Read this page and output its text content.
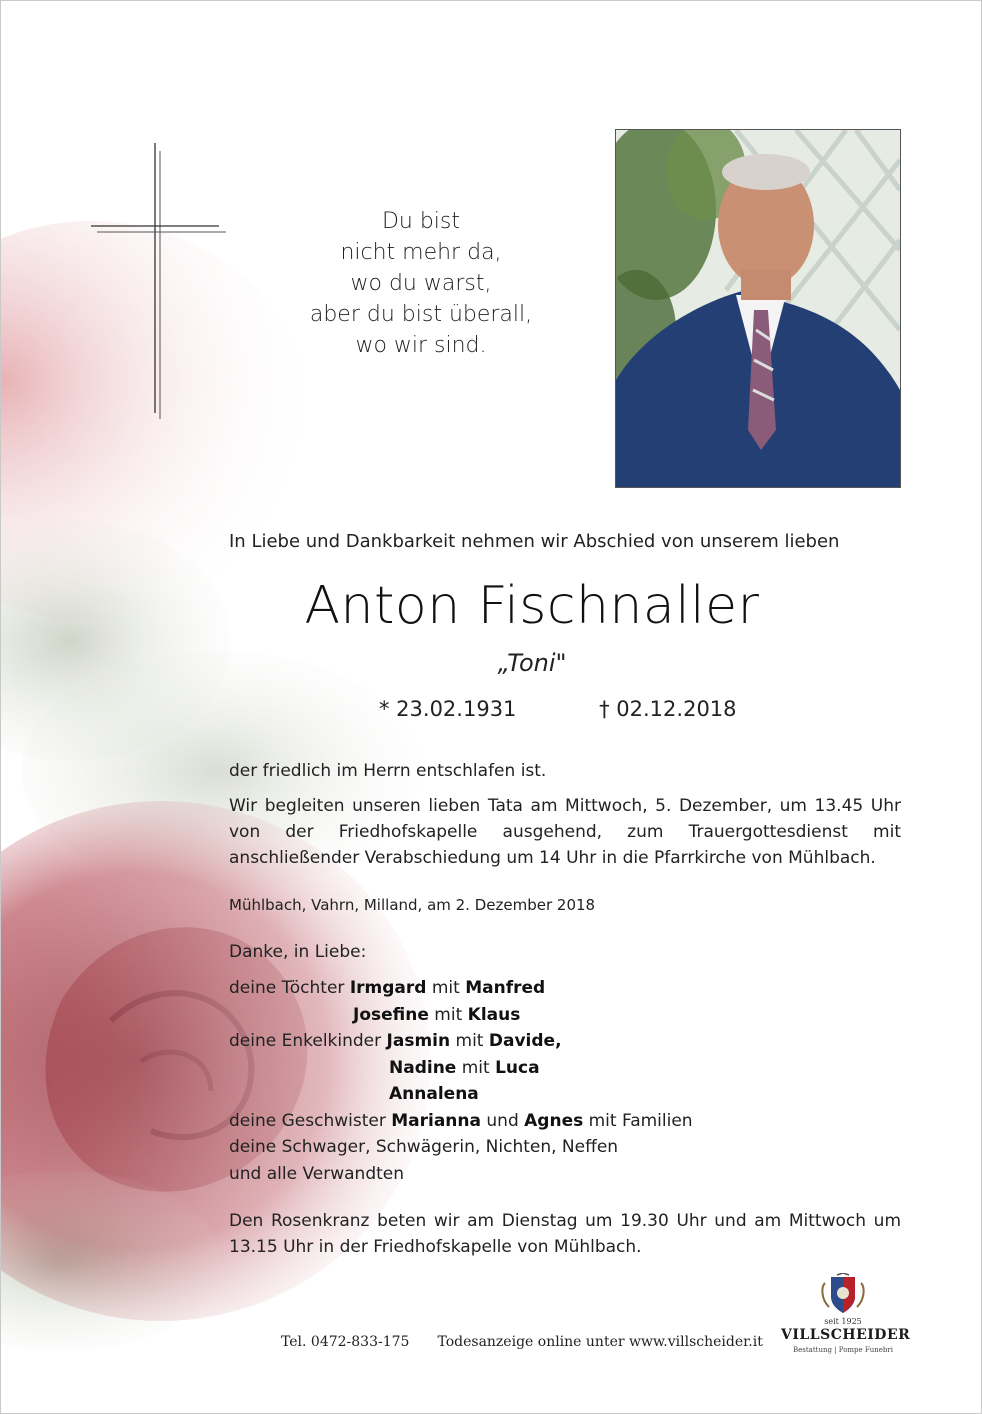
Du bist
nicht mehr da,
wo du warst,
aber du bist überall,
wo wir sind.
In Liebe und Dankbarkeit nehmen wir Abschied von unserem lieben
Anton Fischnaller
„Toni"
* 23.02.1931	† 02.12.2018
der friedlich im Herrn entschlafen ist.
Wir begleiten unseren lieben Tata am Mittwoch, 5. Dezember, um 13.45 Uhr von der Friedhofskapelle ausgehend, zum Trauergottesdienst mit anschließender Verabschiedung um 14 Uhr in die Pfarrkirche von Mühlbach.
Mühlbach, Vahrn, Milland, am 2. Dezember 2018
Danke, in Liebe:
deine Töchter Irmgard mit Manfred
Josefine mit Klaus
deine Enkelkinder Jasmin mit Davide,
Nadine mit Luca
Annalena
deine Geschwister Marianna und Agnes mit Familien
deine Schwager, Schwägerin, Nichten, Neffen
und alle Verwandten
Den Rosenkranz beten wir am Dienstag um 19.30 Uhr und am Mittwoch um 13.15 Uhr in der Friedhofskapelle von Mühlbach.
Tel. 0472-833-175 Todesanzeige online unter www.villscheider.it
seit 1925
VILLSCHEIDER
Bestattung | Pompe Funebri
